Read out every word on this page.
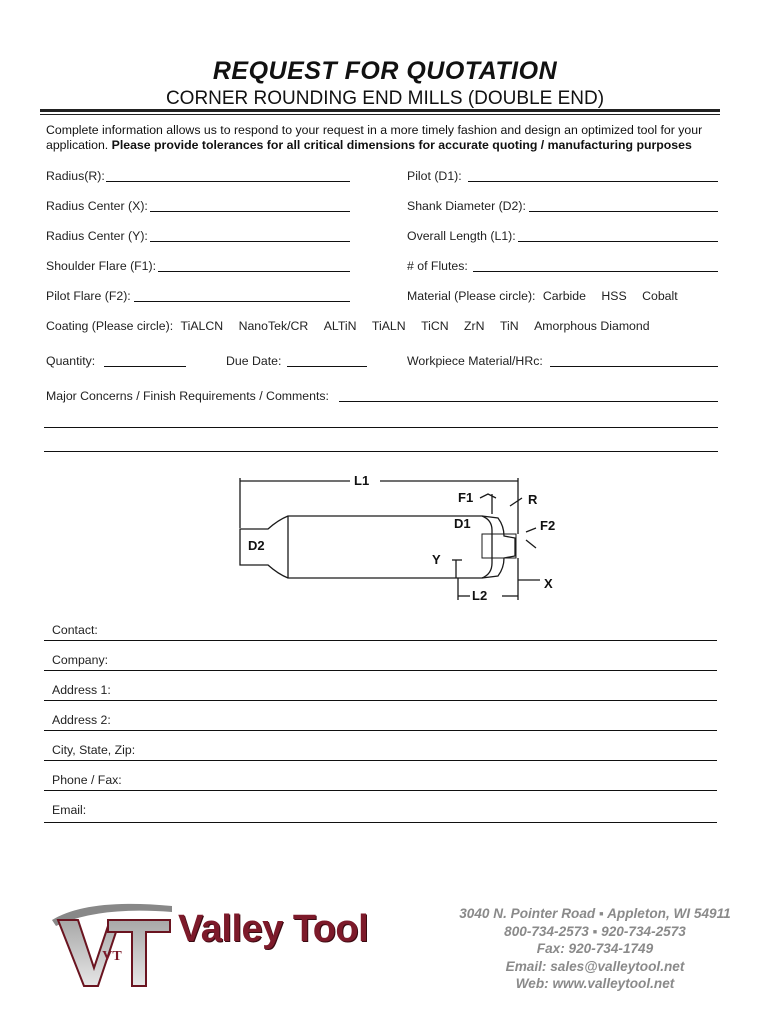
REQUEST FOR QUOTATION
CORNER ROUNDING END MILLS (DOUBLE END)
Complete information allows us to respond to your request in a more timely fashion and design an optimized tool for your application. Please provide tolerances for all critical dimensions for accurate quoting / manufacturing purposes
Radius(R):	Pilot (D1):
Radius Center (X):	Shank Diameter (D2):
Radius Center (Y):	Overall Length (L1):
Shoulder Flare (F1):	# of Flutes:
Pilot Flare (F2):	Material (Please circle): Carbide HSS Cobalt
Coating (Please circle): TiALCN NanoTek/CR ALTiN TiALN TiCN ZrN TiN Amorphous Diamond
Quantity:	Due Date:	Workpiece Material/HRc:
Major Concerns / Finish Requirements / Comments:
L1
F1	R
D1	F2
D2
Y
X
L2
Contact:
Company:
Address 1:
Address 2:
City, State, Zip:
Phone / Fax:
Email:
VT
Valley Tool	3040 N. Pointer Road ▪ Appleton, WI 54911
800-734-2573 ▪ 920-734-2573
Fax: 920-734-1749
Email: sales@valleytool.net
Web: www.valleytool.net
